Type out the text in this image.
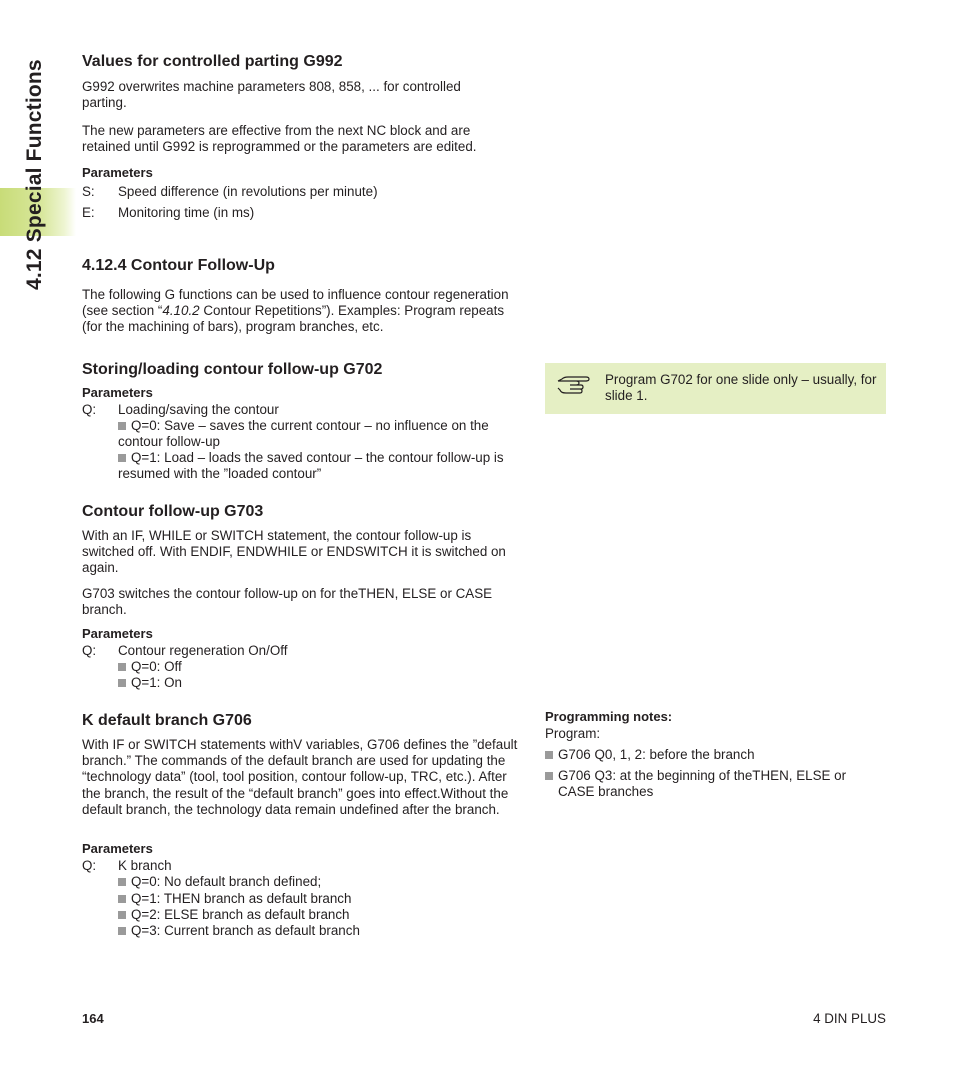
4.12 Special Functions Values for controlled parting G992

G992 overwrites machine parameters 808, 858, ... for controlled parting.

The new parameters are effective from the next NC block and are retained until G992 is reprogrammed or the parameters are edited.

Parameters

S: Speed difference (in revolutions per minute)
E: Monitoring time (in ms)
4.12.4 Contour Follow-Up

The following G functions can be used to influence contour regeneration (see section “4.10.2 Contour Repetitions”). Examples: Program repeats (for the machining of bars), program branches, etc.

Storing/loading contour follow-up G702

Parameters

Q: Loading/saving the contour
Q=0: Save – saves the current contour – no influence on the contour follow-up
Q=1: Load – loads the saved contour – the contour follow-up is resumed with the ”loaded contour”
Program G702 for one slide only – usually, for slide 1.
Contour follow-up G703

With an IF, WHILE or SWITCH statement, the contour follow-up is switched off. With ENDIF, ENDWHILE or ENDSWITCH it is switched on again.

G703 switches the contour follow-up on for theTHEN, ELSE or CASE branch.

Parameters

Q: Contour regeneration On/Off
Q=0: Off
Q=1: On
K default branch G706

With IF or SWITCH statements withV variables, G706 defines the ”default branch.” The commands of the default branch are used for updating the “technology data” (tool, tool position, contour follow-up, TRC, etc.). After the branch, the result of the “default branch” goes into effect.Without the default branch, the technology data remain undefined after the branch.

Parameters

Q: K branch
Q=0: No default branch defined;
Q=1: THEN branch as default branch
Q=2: ELSE branch as default branch
Q=3: Current branch as default branch

Programming notes:

Program:

G706 Q0, 1, 2: before the branch
G706 Q3: at the beginning of theTHEN, ELSE or CASE branches
164	4 DIN PLUS
